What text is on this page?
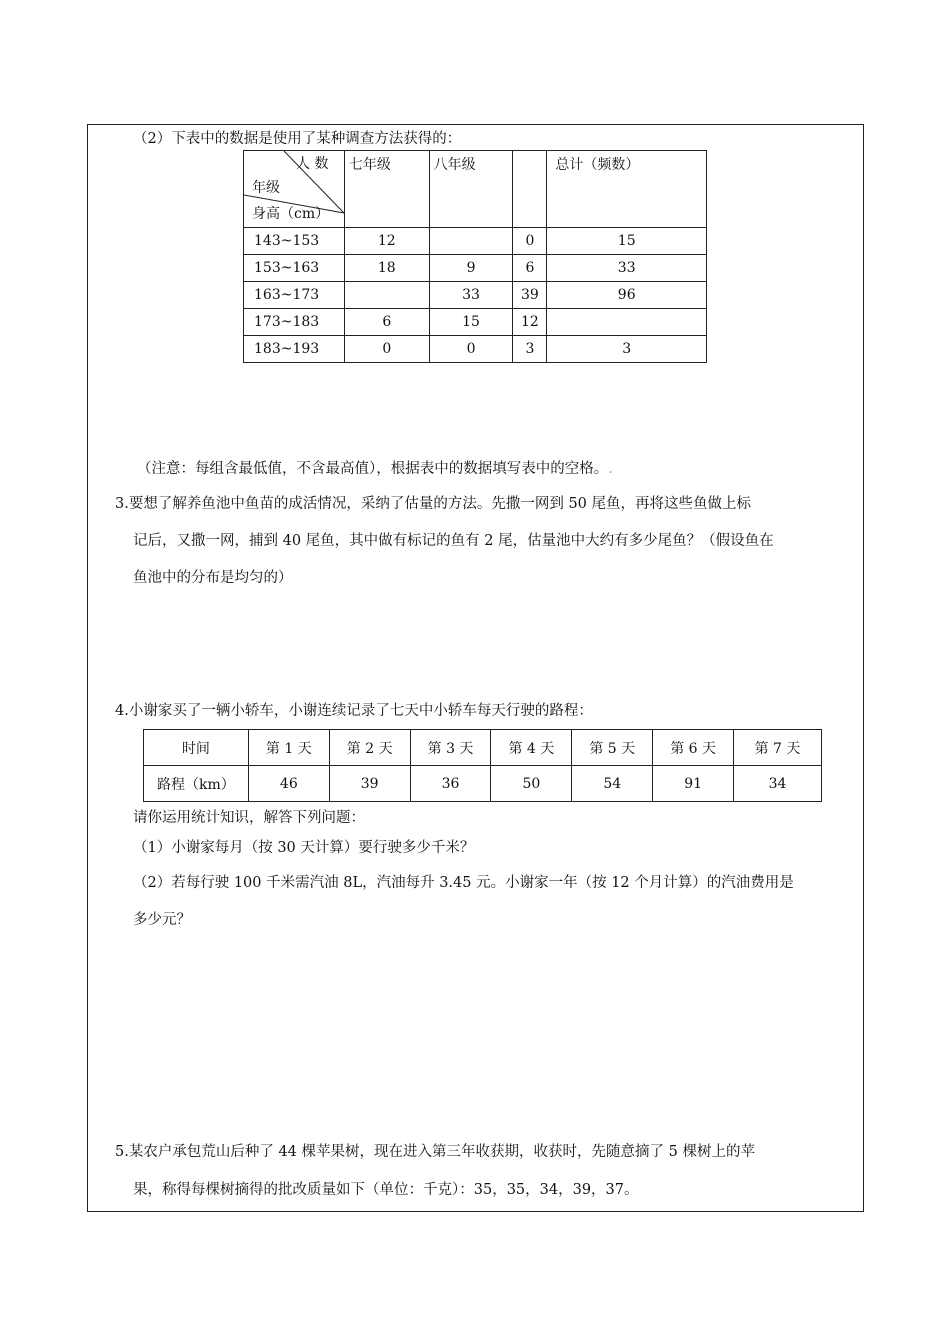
（2）下表中的数据是使用了某种调查方法获得的：
人 数
年级
身高（cm）	七年级	八年级		总计（频数）
143~153	12		0	15
153~163	18	9	6	33
163~173		33	39	96
173~183	6	15	12	
183~193	0	0	3	3
（注意：每组含最低值，不含最高值），根据表中的数据填写表中的空格。.
3.要想了解养鱼池中鱼苗的成活情况，采纳了估量的方法。先撒一网到 50 尾鱼，再将这些鱼做上标
记后，又撒一网，捕到 40 尾鱼，其中做有标记的鱼有 2 尾，估量池中大约有多少尾鱼？（假设鱼在
鱼池中的分布是均匀的）
4.小谢家买了一辆小轿车，小谢连续记录了七天中小轿车每天行驶的路程：
时间	第 1 天	第 2 天	第 3 天	第 4 天	第 5 天	第 6 天	第 7 天
路程（km）	46	39	36	50	54	91	34
请你运用统计知识，解答下列问题：
（1）小谢家每月（按 30 天计算）要行驶多少千米？
（2）若每行驶 100 千米需汽油 8L，汽油每升 3.45 元。小谢家一年（按 12 个月计算）的汽油费用是
多少元？
5.某农户承包荒山后种了 44 棵苹果树，现在进入第三年收获期，收获时，先随意摘了 5 棵树上的苹
果，称得每棵树摘得的批改质量如下（单位：千克）：35，35，34，39，37。
